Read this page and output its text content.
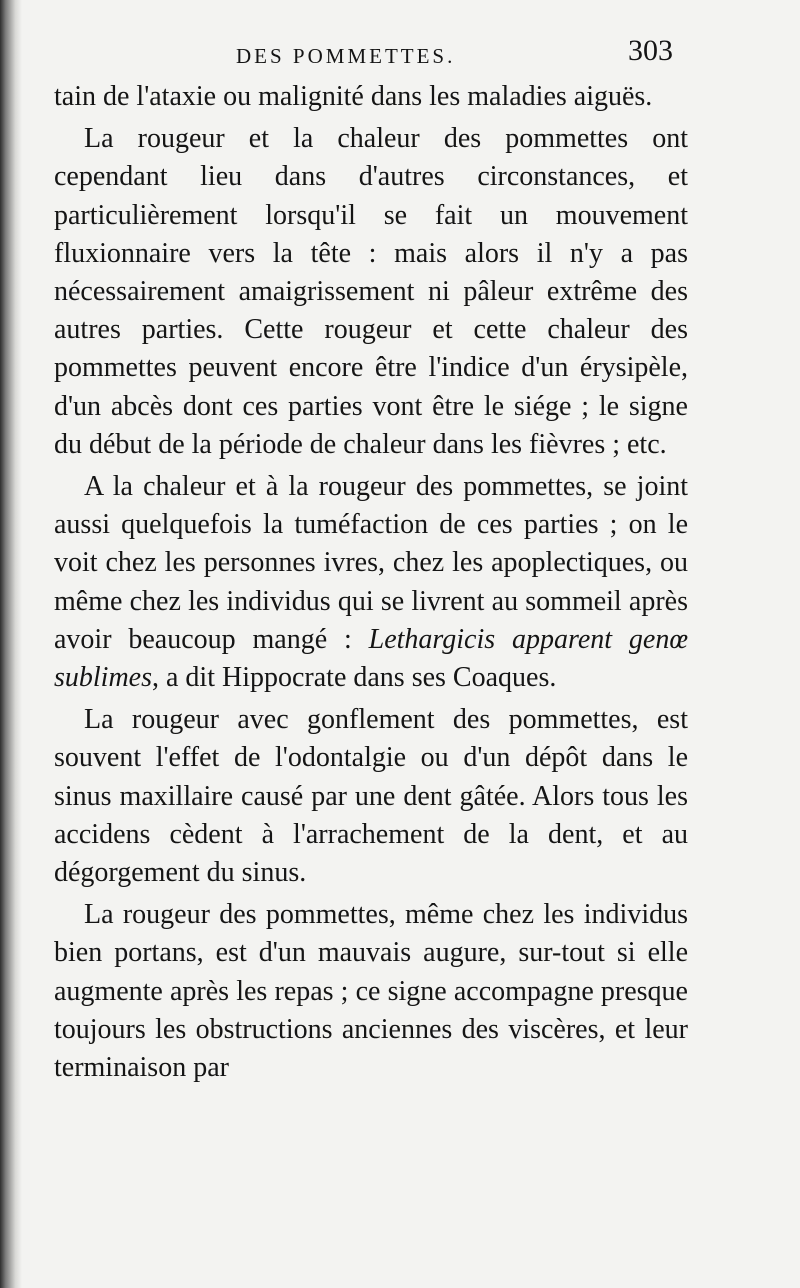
DES POMMETTES.	303

tain de l'ataxie ou malignité dans les maladies aiguës.

La rougeur et la chaleur des pommettes ont cependant lieu dans d'autres circonstances, et particulièrement lorsqu'il se fait un mouvement fluxionnaire vers la tête : mais alors il n'y a pas nécessairement amaigrissement ni pâleur extrême des autres parties. Cette rougeur et cette chaleur des pommettes peuvent encore être l'indice d'un érysipèle, d'un abcès dont ces parties vont être le siége ; le signe du début de la période de chaleur dans les fièvres ; etc.

A la chaleur et à la rougeur des pommettes, se joint aussi quelquefois la tuméfaction de ces parties ; on le voit chez les personnes ivres, chez les apoplectiques, ou même chez les individus qui se livrent au sommeil après avoir beaucoup mangé : Lethargicis apparent genœ sublimes, a dit Hippocrate dans ses Coaques.

La rougeur avec gonflement des pommettes, est souvent l'effet de l'odontalgie ou d'un dépôt dans le sinus maxillaire causé par une dent gâtée. Alors tous les accidens cèdent à l'arrachement de la dent, et au dégorgement du sinus.

La rougeur des pommettes, même chez les individus bien portans, est d'un mauvais augure, sur-tout si elle augmente après les repas ; ce signe accompagne presque toujours les obstructions anciennes des viscères, et leur terminaison par
